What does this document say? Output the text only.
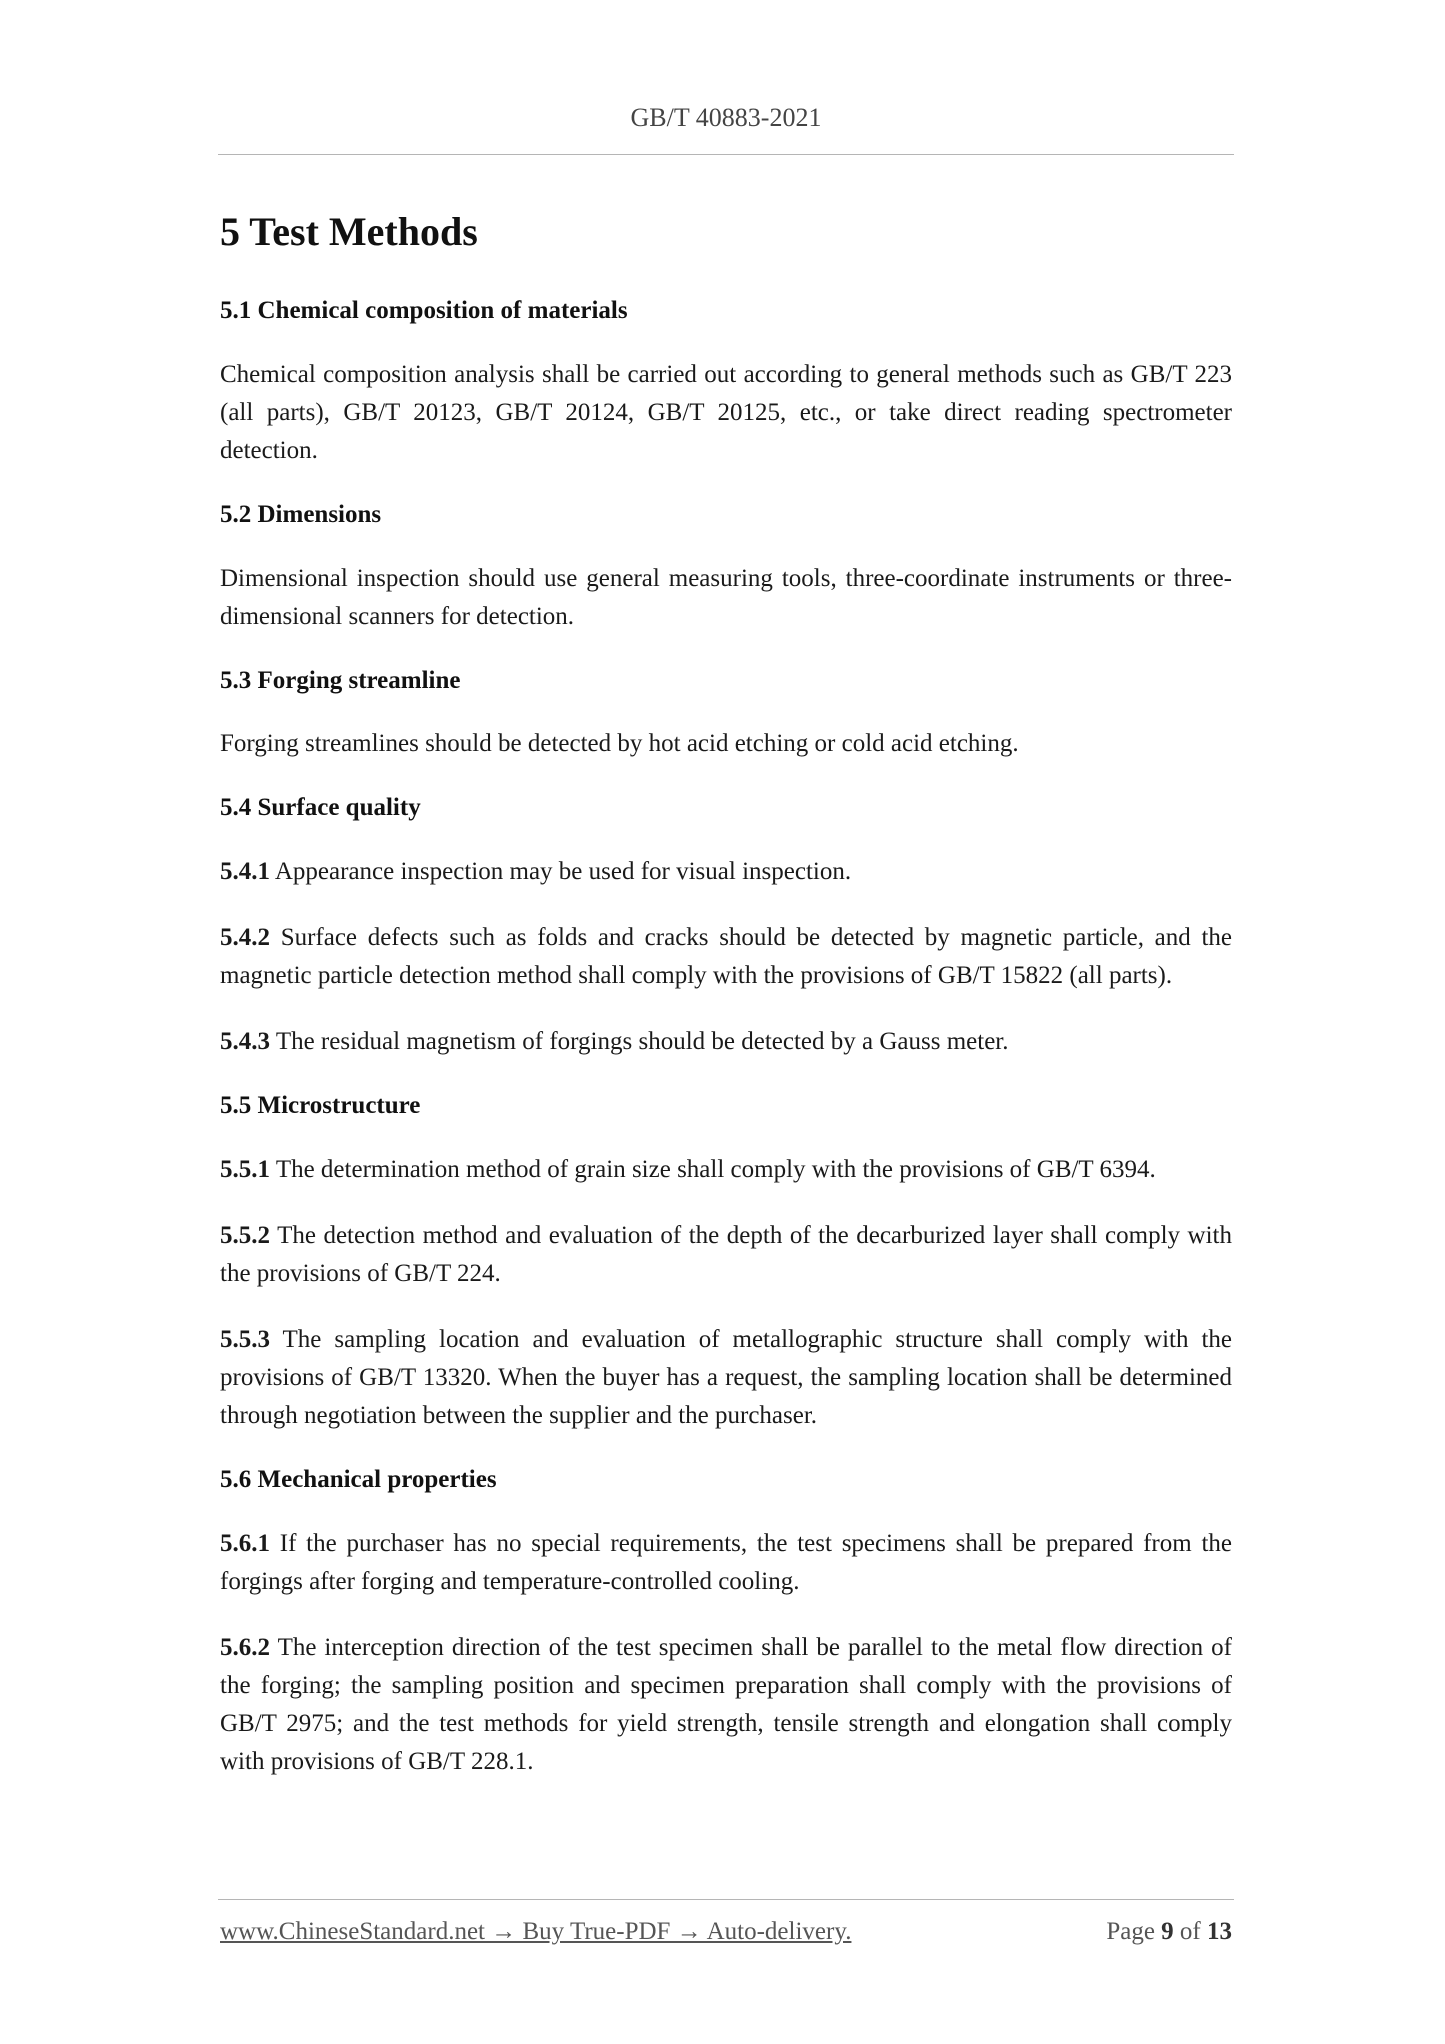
GB/T 40883-2021
5 Test Methods
5.1 Chemical composition of materials

Chemical composition analysis shall be carried out according to general methods such as GB/T 223 (all parts), GB/T 20123, GB/T 20124, GB/T 20125, etc., or take direct reading spectrometer detection.

5.2 Dimensions

Dimensional inspection should use general measuring tools, three-coordinate instruments or three-dimensional scanners for detection.

5.3 Forging streamline

Forging streamlines should be detected by hot acid etching or cold acid etching.

5.4 Surface quality

5.4.1 Appearance inspection may be used for visual inspection.

5.4.2 Surface defects such as folds and cracks should be detected by magnetic particle, and the magnetic particle detection method shall comply with the provisions of GB/T 15822 (all parts).

5.4.3 The residual magnetism of forgings should be detected by a Gauss meter.

5.5 Microstructure

5.5.1 The determination method of grain size shall comply with the provisions of GB/T 6394.

5.5.2 The detection method and evaluation of the depth of the decarburized layer shall comply with the provisions of GB/T 224.

5.5.3 The sampling location and evaluation of metallographic structure shall comply with the provisions of GB/T 13320. When the buyer has a request, the sampling location shall be determined through negotiation between the supplier and the purchaser.

5.6 Mechanical properties

5.6.1 If the purchaser has no special requirements, the test specimens shall be prepared from the forgings after forging and temperature-controlled cooling.

5.6.2 The interception direction of the test specimen shall be parallel to the metal flow direction of the forging; the sampling position and specimen preparation shall comply with the provisions of GB/T 2975; and the test methods for yield strength, tensile strength and elongation shall comply with provisions of GB/T 228.1.

www.ChineseStandard.net → Buy True-PDF → Auto-delivery.	Page 9 of 13
